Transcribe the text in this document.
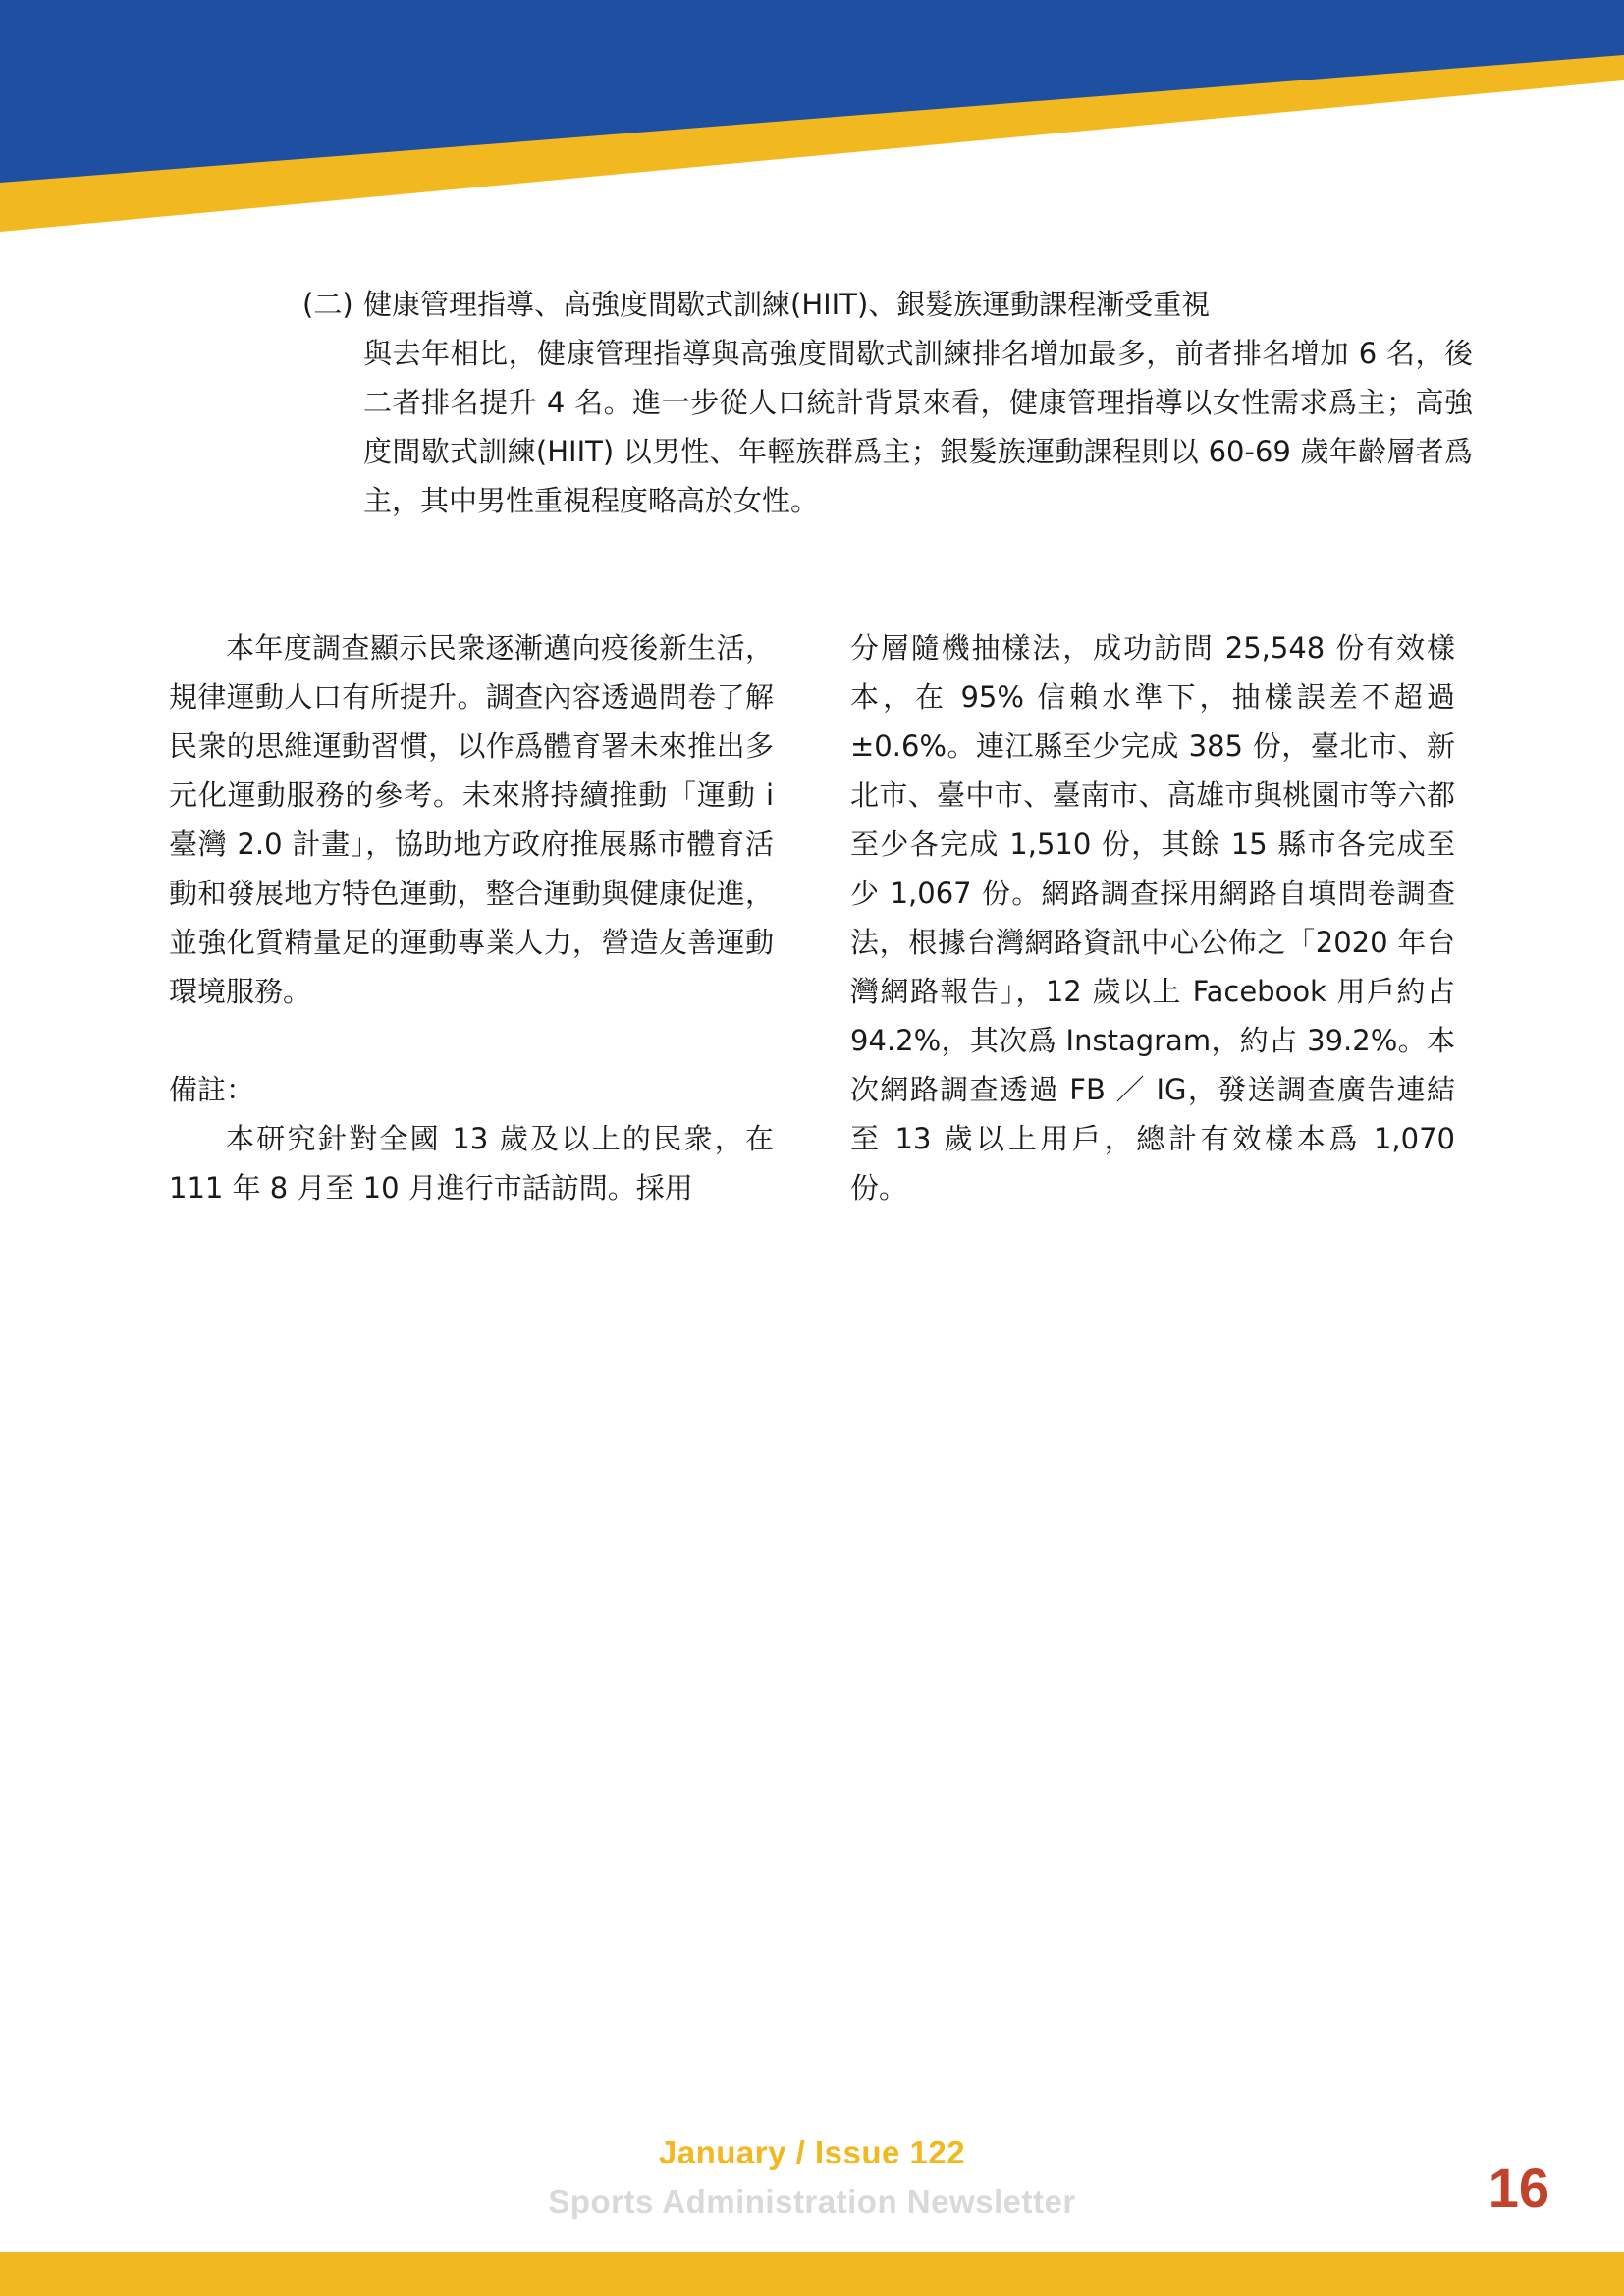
(二) 健康管理指導、高強度間歇式訓練(HIIT)、銀髮族運動課程漸受重視
與去年相比，健康管理指導與高強度間歇式訓練排名增加最多，前者排名增加 6 名，後二者排名提升 4 名。進一步從人口統計背景來看，健康管理指導以女性需求爲主；高強度間歇式訓練(HIIT) 以男性、年輕族群爲主；銀髮族運動課程則以 60-69 歲年齡層者爲主，其中男性重視程度略高於女性。

本年度調查顯示民衆逐漸邁向疫後新生活，規律運動人口有所提升。調查內容透過問卷了解民衆的思維運動習慣，以作爲體育署未來推出多元化運動服務的參考。未來將持續推動「運動 i 臺灣 2.0 計畫」，協助地方政府推展縣市體育活動和發展地方特色運動，整合運動與健康促進，並強化質精量足的運動專業人力，營造友善運動環境服務。

備註：

本研究針對全國 13 歲及以上的民衆，在 111 年 8 月至 10 月進行市話訪問。採用

分層隨機抽樣法，成功訪問 25,548 份有效樣本，在 95% 信賴水準下，抽樣誤差不超過 ±0.6%。連江縣至少完成 385 份，臺北市、新北市、臺中市、臺南市、高雄市與桃園市等六都至少各完成 1,510 份，其餘 15 縣市各完成至少 1,067 份。網路調查採用網路自填問卷調查法，根據台灣網路資訊中心公佈之「2020 年台灣網路報告」，12 歲以上 Facebook 用戶約占 94.2%，其次爲 Instagram，約占 39.2%。本次網路調查透過 FB ／ IG，發送調查廣告連結至 13 歲以上用戶，總計有效樣本爲 1,070 份。

January / Issue 122
Sports Administration Newsletter	16
